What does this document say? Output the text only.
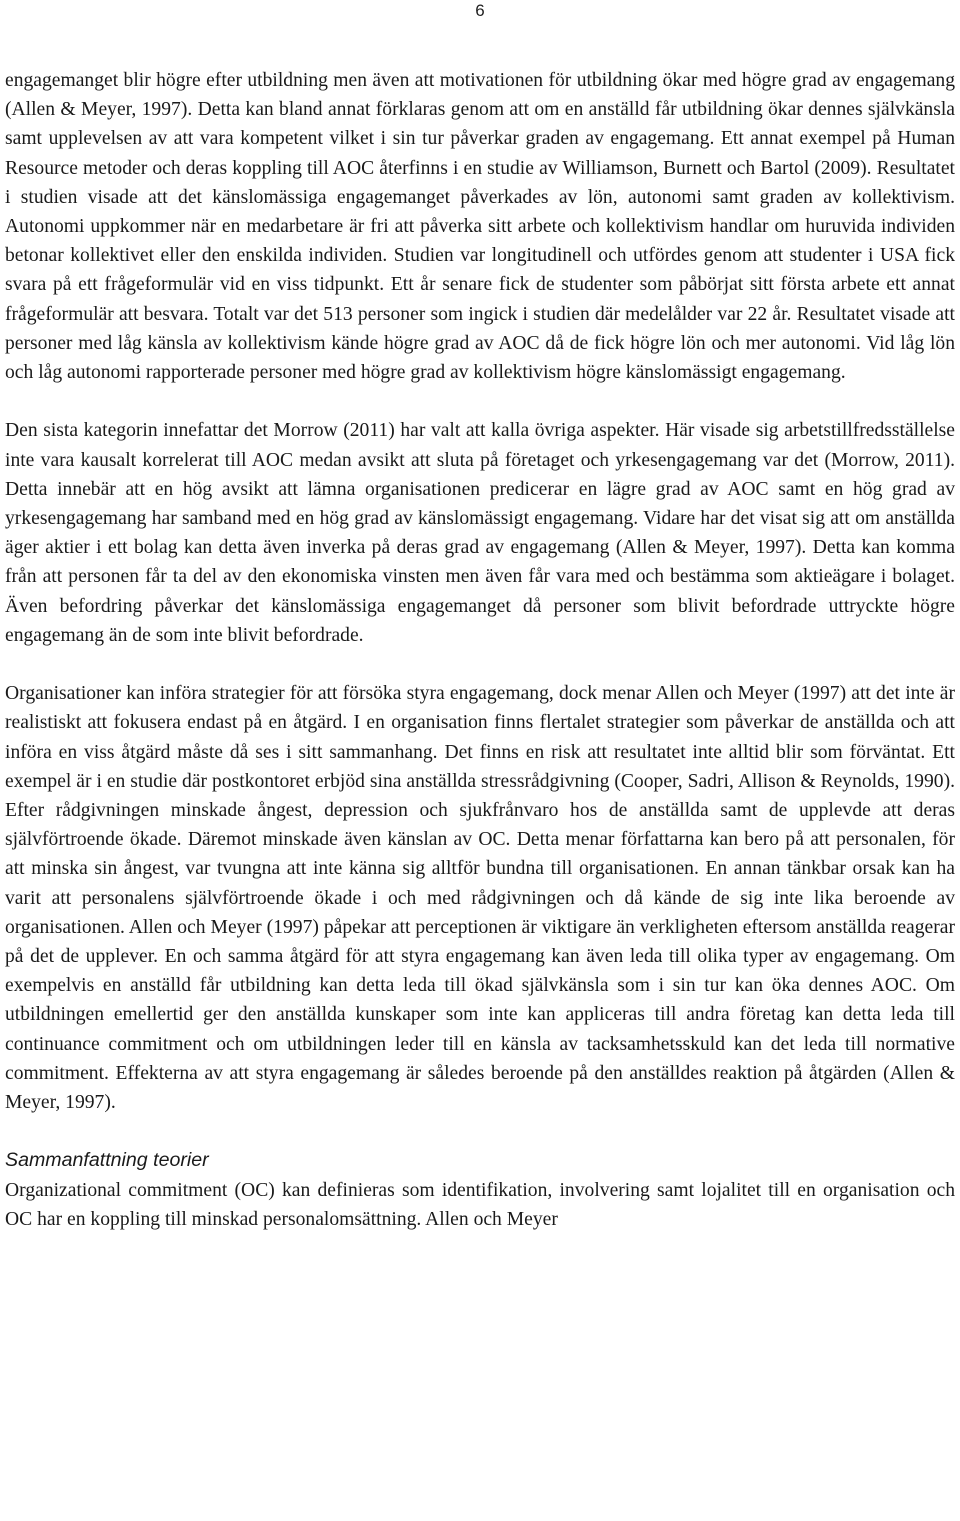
6

engagemanget blir högre efter utbildning men även att motivationen för utbildning ökar med högre grad av engagemang (Allen & Meyer, 1997). Detta kan bland annat förklaras genom att om en anställd får utbildning ökar dennes självkänsla samt upplevelsen av att vara kompetent vilket i sin tur påverkar graden av engagemang. Ett annat exempel på Human Resource metoder och deras koppling till AOC återfinns i en studie av Williamson, Burnett och Bartol (2009). Resultatet i studien visade att det känslomässiga engagemanget påverkades av lön, autonomi samt graden av kollektivism. Autonomi uppkommer när en medarbetare är fri att påverka sitt arbete och kollektivism handlar om huruvida individen betonar kollektivet eller den enskilda individen. Studien var longitudinell och utfördes genom att studenter i USA fick svara på ett frågeformulär vid en viss tidpunkt. Ett år senare fick de studenter som påbörjat sitt första arbete ett annat frågeformulär att besvara. Totalt var det 513 personer som ingick i studien där medelålder var 22 år. Resultatet visade att personer med låg känsla av kollektivism kände högre grad av AOC då de fick högre lön och mer autonomi. Vid låg lön och låg autonomi rapporterade personer med högre grad av kollektivism högre känslomässigt engagemang.

Den sista kategorin innefattar det Morrow (2011) har valt att kalla övriga aspekter. Här visade sig arbetstillfredsställelse inte vara kausalt korrelerat till AOC medan avsikt att sluta på företaget och yrkesengagemang var det (Morrow, 2011). Detta innebär att en hög avsikt att lämna organisationen predicerar en lägre grad av AOC samt en hög grad av yrkesengagemang har samband med en hög grad av känslomässigt engagemang. Vidare har det visat sig att om anställda äger aktier i ett bolag kan detta även inverka på deras grad av engagemang (Allen & Meyer, 1997). Detta kan komma från att personen får ta del av den ekonomiska vinsten men även får vara med och bestämma som aktieägare i bolaget. Även befordring påverkar det känslomässiga engagemanget då personer som blivit befordrade uttryckte högre engagemang än de som inte blivit befordrade.

Organisationer kan införa strategier för att försöka styra engagemang, dock menar Allen och Meyer (1997) att det inte är realistiskt att fokusera endast på en åtgärd. I en organisation finns flertalet strategier som påverkar de anställda och att införa en viss åtgärd måste då ses i sitt sammanhang. Det finns en risk att resultatet inte alltid blir som förväntat. Ett exempel är i en studie där postkontoret erbjöd sina anställda stressrådgivning (Cooper, Sadri, Allison & Reynolds, 1990). Efter rådgivningen minskade ångest, depression och sjukfrånvaro hos de anställda samt de upplevde att deras självförtroende ökade. Däremot minskade även känslan av OC. Detta menar författarna kan bero på att personalen, för att minska sin ångest, var tvungna att inte känna sig alltför bundna till organisationen. En annan tänkbar orsak kan ha varit att personalens självförtroende ökade i och med rådgivningen och då kände de sig inte lika beroende av organisationen. Allen och Meyer (1997) påpekar att perceptionen är viktigare än verkligheten eftersom anställda reagerar på det de upplever. En och samma åtgärd för att styra engagemang kan även leda till olika typer av engagemang. Om exempelvis en anställd får utbildning kan detta leda till ökad självkänsla som i sin tur kan öka dennes AOC. Om utbildningen emellertid ger den anställda kunskaper som inte kan appliceras till andra företag kan detta leda till continuance commitment och om utbildningen leder till en känsla av tacksamhetsskuld kan det leda till normative commitment. Effekterna av att styra engagemang är således beroende på den anställdes reaktion på åtgärden (Allen & Meyer, 1997).

Sammanfattning teorier

Organizational commitment (OC) kan definieras som identifikation, involvering samt lojalitet till en organisation och OC har en koppling till minskad personalomsättning. Allen och Meyer
